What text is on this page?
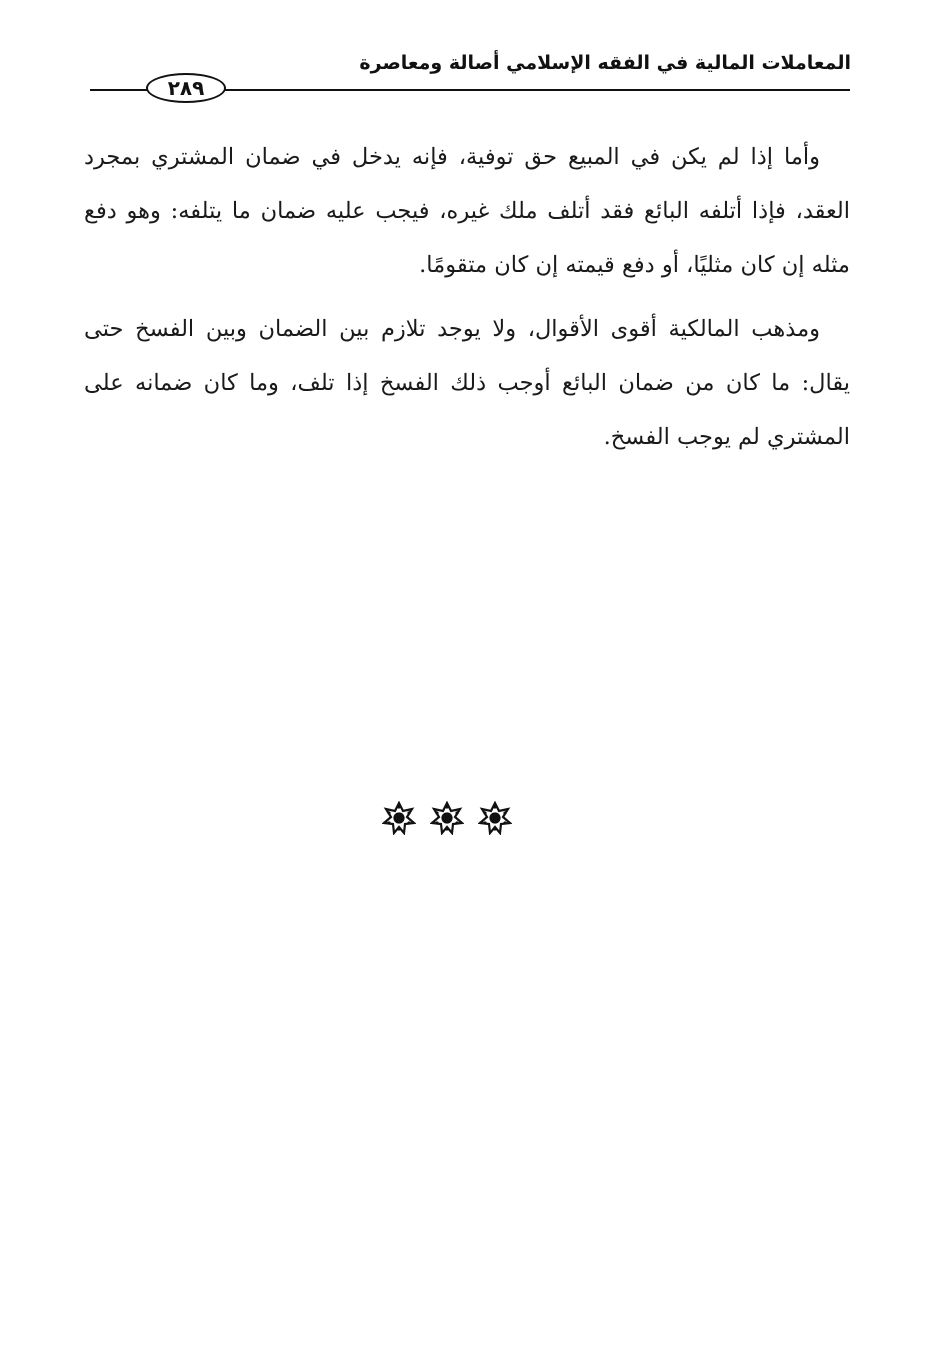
المعاملات المالية في الفقه الإسلامي أصالة ومعاصرة
٢٨٩

وأما إذا لم يكن في المبيع حق توفية، فإنه يدخل في ضمان المشتري بمجرد العقد، فإذا أتلفه البائع فقد أتلف ملك غيره، فيجب عليه ضمان ما يتلفه: وهو دفع مثله إن كان مثليًا، أو دفع قيمته إن كان متقومًا.

ومذهب المالكية أقوى الأقوال، ولا يوجد تلازم بين الضمان وبين الفسخ حتى يقال: ما كان من ضمان البائع أوجب ذلك الفسخ إذا تلف، وما كان ضمانه على المشتري لم يوجب الفسخ.
